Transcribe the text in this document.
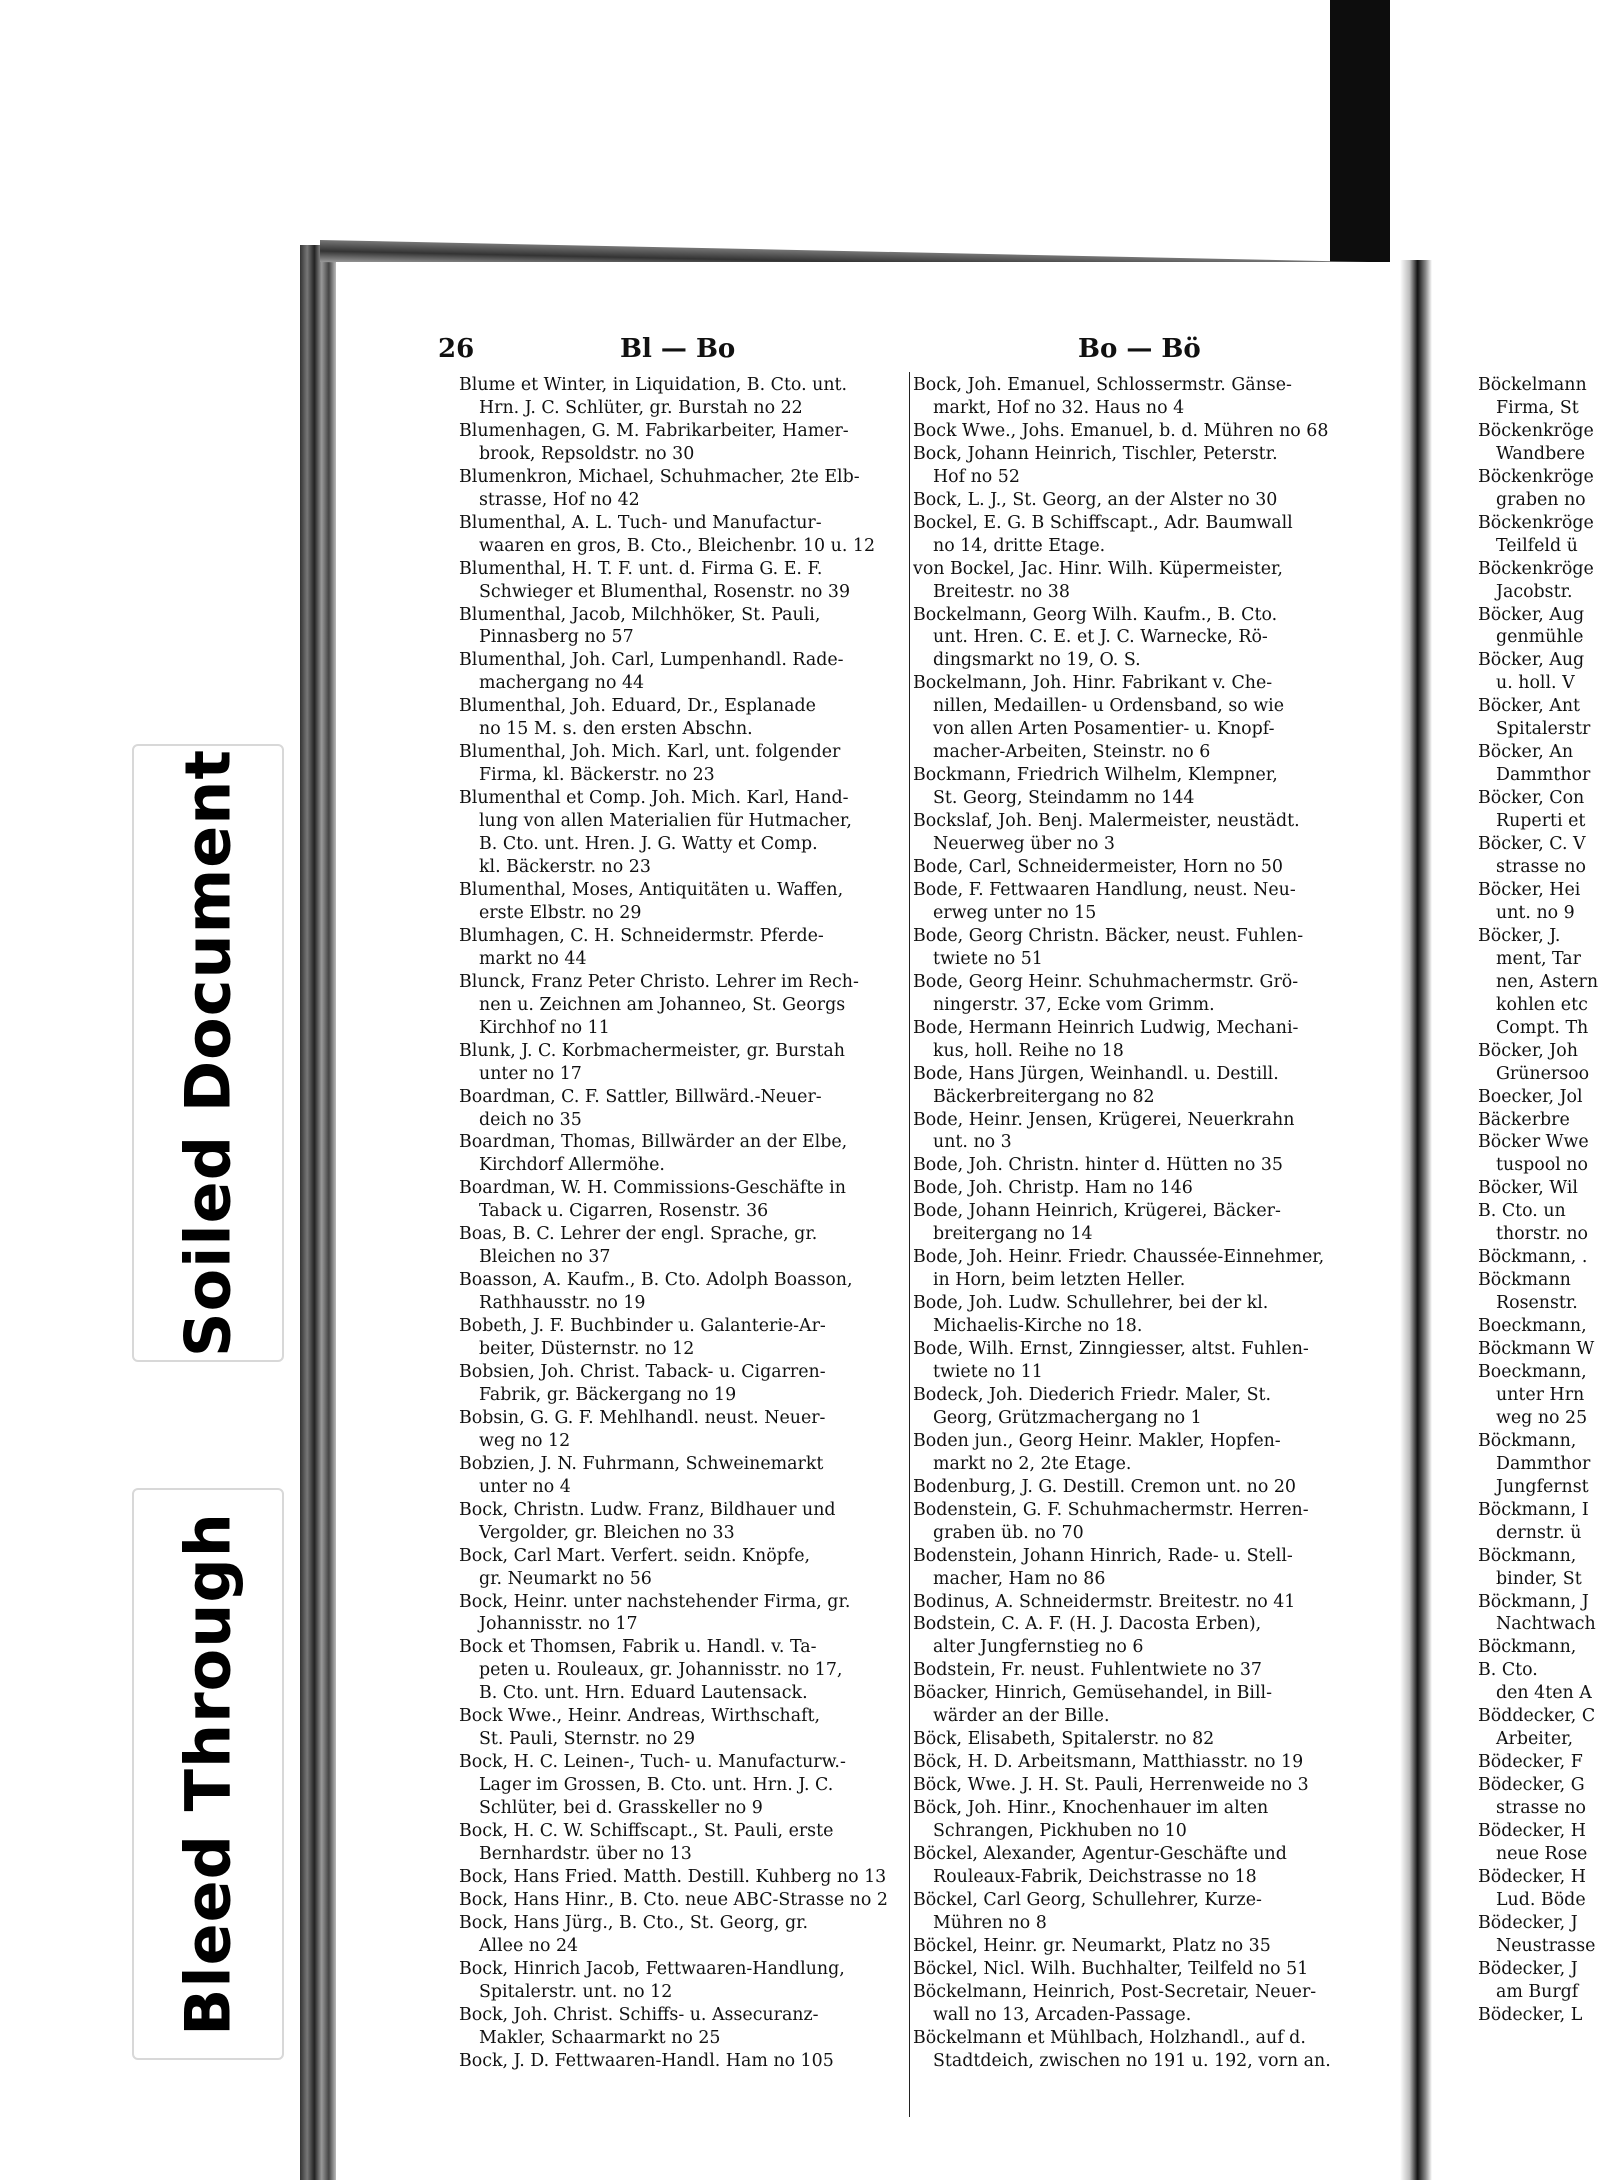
Soiled Document
Bleed Through
26	Bl — Bo	Bo — Bö
Blume et Winter, in Liquidation, B. Cto. unt.
Hrn. J. C. Schlüter, gr. Burstah no 22
Blumenhagen, G. M. Fabrikarbeiter, Hamer-
brook, Repsoldstr. no 30
Blumenkron, Michael, Schuhmacher, 2te Elb-
strasse, Hof no 42
Blumenthal, A. L. Tuch- und Manufactur-
waaren en gros, B. Cto., Bleichenbr. 10 u. 12
Blumenthal, H. T. F. unt. d. Firma G. E. F.
Schwieger et Blumenthal, Rosenstr. no 39
Blumenthal, Jacob, Milchhöker, St. Pauli,
Pinnasberg no 57
Blumenthal, Joh. Carl, Lumpenhandl. Rade-
machergang no 44
Blumenthal, Joh. Eduard, Dr., Esplanade
no 15 M. s. den ersten Abschn.
Blumenthal, Joh. Mich. Karl, unt. folgender
Firma, kl. Bäckerstr. no 23
Blumenthal et Comp. Joh. Mich. Karl, Hand-
lung von allen Materialien für Hutmacher,
B. Cto. unt. Hren. J. G. Watty et Comp.
kl. Bäckerstr. no 23
Blumenthal, Moses, Antiquitäten u. Waffen,
erste Elbstr. no 29
Blumhagen, C. H. Schneidermstr. Pferde-
markt no 44
Blunck, Franz Peter Christo. Lehrer im Rech-
nen u. Zeichnen am Johanneo, St. Georgs
Kirchhof no 11
Blunk, J. C. Korbmachermeister, gr. Burstah
unter no 17
Boardman, C. F. Sattler, Billwärd.-Neuer-
deich no 35
Boardman, Thomas, Billwärder an der Elbe,
Kirchdorf Allermöhe.
Boardman, W. H. Commissions-Geschäfte in
Taback u. Cigarren, Rosenstr. 36
Boas, B. C. Lehrer der engl. Sprache, gr.
Bleichen no 37
Boasson, A. Kaufm., B. Cto. Adolph Boasson,
Rathhausstr. no 19
Bobeth, J. F. Buchbinder u. Galanterie-Ar-
beiter, Düsternstr. no 12
Bobsien, Joh. Christ. Taback- u. Cigarren-
Fabrik, gr. Bäckergang no 19
Bobsin, G. G. F. Mehlhandl. neust. Neuer-
weg no 12
Bobzien, J. N. Fuhrmann, Schweinemarkt
unter no 4
Bock, Christn. Ludw. Franz, Bildhauer und
Vergolder, gr. Bleichen no 33
Bock, Carl Mart. Verfert. seidn. Knöpfe,
gr. Neumarkt no 56
Bock, Heinr. unter nachstehender Firma, gr.
Johannisstr. no 17
Bock et Thomsen, Fabrik u. Handl. v. Ta-
peten u. Rouleaux, gr. Johannisstr. no 17,
B. Cto. unt. Hrn. Eduard Lautensack.
Bock Wwe., Heinr. Andreas, Wirthschaft,
St. Pauli, Sternstr. no 29
Bock, H. C. Leinen-, Tuch- u. Manufacturw.-
Lager im Grossen, B. Cto. unt. Hrn. J. C.
Schlüter, bei d. Grasskeller no 9
Bock, H. C. W. Schiffscapt., St. Pauli, erste
Bernhardstr. über no 13
Bock, Hans Fried. Matth. Destill. Kuhberg no 13
Bock, Hans Hinr., B. Cto. neue ABC-Strasse no 2
Bock, Hans Jürg., B. Cto., St. Georg, gr.
Allee no 24
Bock, Hinrich Jacob, Fettwaaren-Handlung,
Spitalerstr. unt. no 12
Bock, Joh. Christ. Schiffs- u. Assecuranz-
Makler, Schaarmarkt no 25
Bock, J. D. Fettwaaren-Handl. Ham no 105
Bock, Joh. Emanuel, Schlossermstr. Gänse-
markt, Hof no 32. Haus no 4
Bock Wwe., Johs. Emanuel, b. d. Mühren no 68
Bock, Johann Heinrich, Tischler, Peterstr.
Hof no 52
Bock, L. J., St. Georg, an der Alster no 30
Bockel, E. G. B Schiffscapt., Adr. Baumwall
no 14, dritte Etage.
von Bockel, Jac. Hinr. Wilh. Küpermeister,
Breitestr. no 38
Bockelmann, Georg Wilh. Kaufm., B. Cto.
unt. Hren. C. E. et J. C. Warnecke, Rö-
dingsmarkt no 19, O. S.
Bockelmann, Joh. Hinr. Fabrikant v. Che-
nillen, Medaillen- u Ordensband, so wie
von allen Arten Posamentier- u. Knopf-
macher-Arbeiten, Steinstr. no 6
Bockmann, Friedrich Wilhelm, Klempner,
St. Georg, Steindamm no 144
Bockslaf, Joh. Benj. Malermeister, neustädt.
Neuerweg über no 3
Bode, Carl, Schneidermeister, Horn no 50
Bode, F. Fettwaaren Handlung, neust. Neu-
erweg unter no 15
Bode, Georg Christn. Bäcker, neust. Fuhlen-
twiete no 51
Bode, Georg Heinr. Schuhmachermstr. Grö-
ningerstr. 37, Ecke vom Grimm.
Bode, Hermann Heinrich Ludwig, Mechani-
kus, holl. Reihe no 18
Bode, Hans Jürgen, Weinhandl. u. Destill.
Bäckerbreitergang no 82
Bode, Heinr. Jensen, Krügerei, Neuerkrahn
unt. no 3
Bode, Joh. Christn. hinter d. Hütten no 35
Bode, Joh. Christp. Ham no 146
Bode, Johann Heinrich, Krügerei, Bäcker-
breitergang no 14
Bode, Joh. Heinr. Friedr. Chaussée-Einnehmer,
in Horn, beim letzten Heller.
Bode, Joh. Ludw. Schullehrer, bei der kl.
Michaelis-Kirche no 18.
Bode, Wilh. Ernst, Zinngiesser, altst. Fuhlen-
twiete no 11
Bodeck, Joh. Diederich Friedr. Maler, St.
Georg, Grützmachergang no 1
Boden jun., Georg Heinr. Makler, Hopfen-
markt no 2, 2te Etage.
Bodenburg, J. G. Destill. Cremon unt. no 20
Bodenstein, G. F. Schuhmachermstr. Herren-
graben üb. no 70
Bodenstein, Johann Hinrich, Rade- u. Stell-
macher, Ham no 86
Bodinus, A. Schneidermstr. Breitestr. no 41
Bodstein, C. A. F. (H. J. Dacosta Erben),
alter Jungfernstieg no 6
Bodstein, Fr. neust. Fuhlentwiete no 37
Böacker, Hinrich, Gemüsehandel, in Bill-
wärder an der Bille.
Böck, Elisabeth, Spitalerstr. no 82
Böck, H. D. Arbeitsmann, Matthiasstr. no 19
Böck, Wwe. J. H. St. Pauli, Herrenweide no 3
Böck, Joh. Hinr., Knochenhauer im alten
Schrangen, Pickhuben no 10
Böckel, Alexander, Agentur-Geschäfte und
Rouleaux-Fabrik, Deichstrasse no 18
Böckel, Carl Georg, Schullehrer, Kurze-
Mühren no 8
Böckel, Heinr. gr. Neumarkt, Platz no 35
Böckel, Nicl. Wilh. Buchhalter, Teilfeld no 51
Böckelmann, Heinrich, Post-Secretair, Neuer-
wall no 13, Arcaden-Passage.
Böckelmann et Mühlbach, Holzhandl., auf d.
Stadtdeich, zwischen no 191 u. 192, vorn an.
Böckelmann
Firma, St
Böckenkröge
Wandbere
Böckenkröge
graben no
Böckenkröge
Teilfeld ü
Böckenkröge
Jacobstr.
Böcker, Aug
genmühle
Böcker, Aug
u. holl. V
Böcker, Ant
Spitalerstr
Böcker, An
Dammthor
Böcker, Con
Ruperti et
Böcker, C. V
strasse no
Böcker, Hei
unt. no 9
Böcker, J.
ment, Tar
nen, Astern
kohlen etc
Compt. Th
Böcker, Joh
Grünersoo
Boecker, Jol
Bäckerbre
Böcker Wwe
tuspool no
Böcker, Wil
B. Cto. un
thorstr. no
Böckmann, .
Böckmann
Rosenstr.
Boeckmann,
Böckmann W
Boeckmann,
unter Hrn
weg no 25
Böckmann,
Dammthor
Jungfernst
Böckmann, I
dernstr. ü
Böckmann,
binder, St
Böckmann, J
Nachtwach
Böckmann,
B. Cto.
den 4ten A
Böddecker, C
Arbeiter,
Bödecker, F
Bödecker, G
strasse no
Bödecker, H
neue Rose
Bödecker, H
Lud. Böde
Bödecker, J
Neustrasse
Bödecker, J
am Burgf
Bödecker, L
